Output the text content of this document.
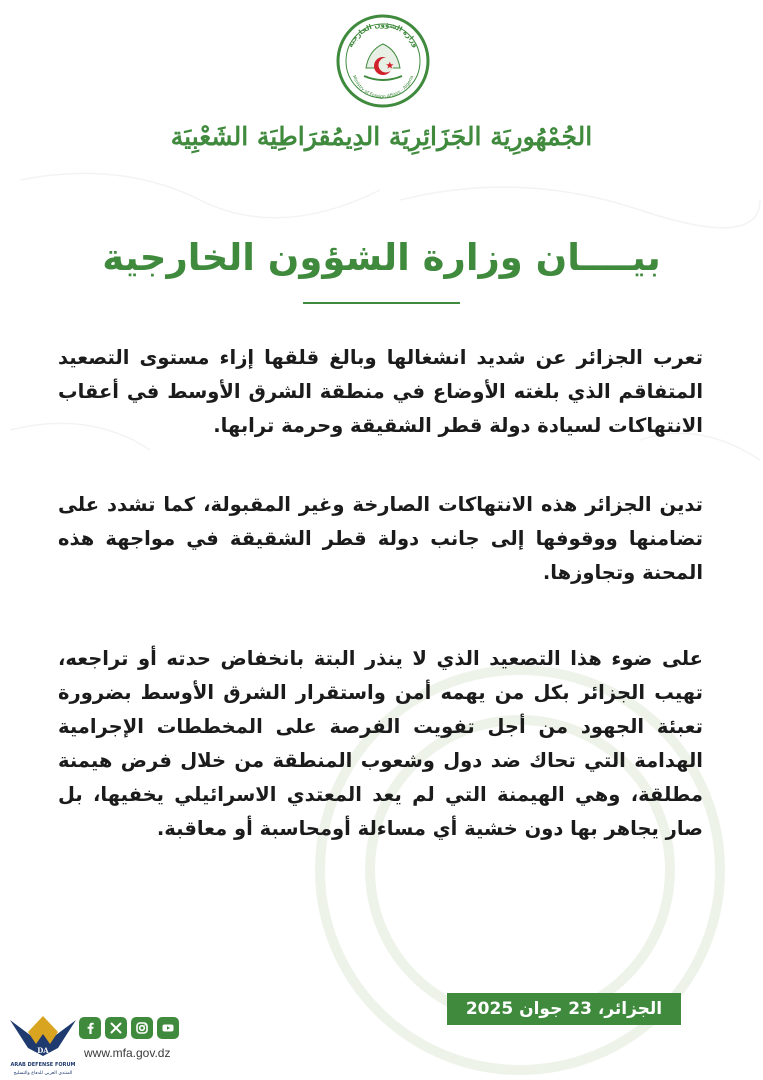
وزارة الشؤون الخارجية
Ministry of Foreign Affairs - Algeria
الجُمْهُورِيَة الجَزَائِرِيَة الدِيمُقرَاطِيَة الشَعْبِيَة
بيــــان وزارة الشؤون الخارجية
تعرب الجزائر عن شديد انشغالها وبالغ قلقها إزاء مستوى التصعيد المتفاقم الذي بلغته الأوضاع في منطقة الشرق الأوسط في أعقاب الانتهاكات لسيادة دولة قطر الشقيقة وحرمة ترابها.
تدين الجزائر هذه الانتهاكات الصارخة وغير المقبولة، كما تشدد على تضامنها ووقوفها إلى جانب دولة قطر الشقيقة في مواجهة هذه المحنة وتجاوزها.
على ضوء هذا التصعيد الذي لا ينذر البتة بانخفاض حدته أو تراجعه، تهيب الجزائر بكل من يهمه أمن واستقرار الشرق الأوسط بضرورة تعبئة الجهود من أجل تفويت الفرصة على المخططات الإجرامية الهدامة التي تحاك ضد دول وشعوب المنطقة من خلال فرض هيمنة مطلقة، وهي الهيمنة التي لم يعد المعتدي الاسرائيلي يخفيها، بل صار يجاهر بها دون خشية أي مساءلة أومحاسبة أو معاقبة.
الجزائر، 23 جوان 2025
DA
ARAB DEFENSE FORUM
المنتدى العربي للدفاع والتسليح
www.mfa.gov.dz
